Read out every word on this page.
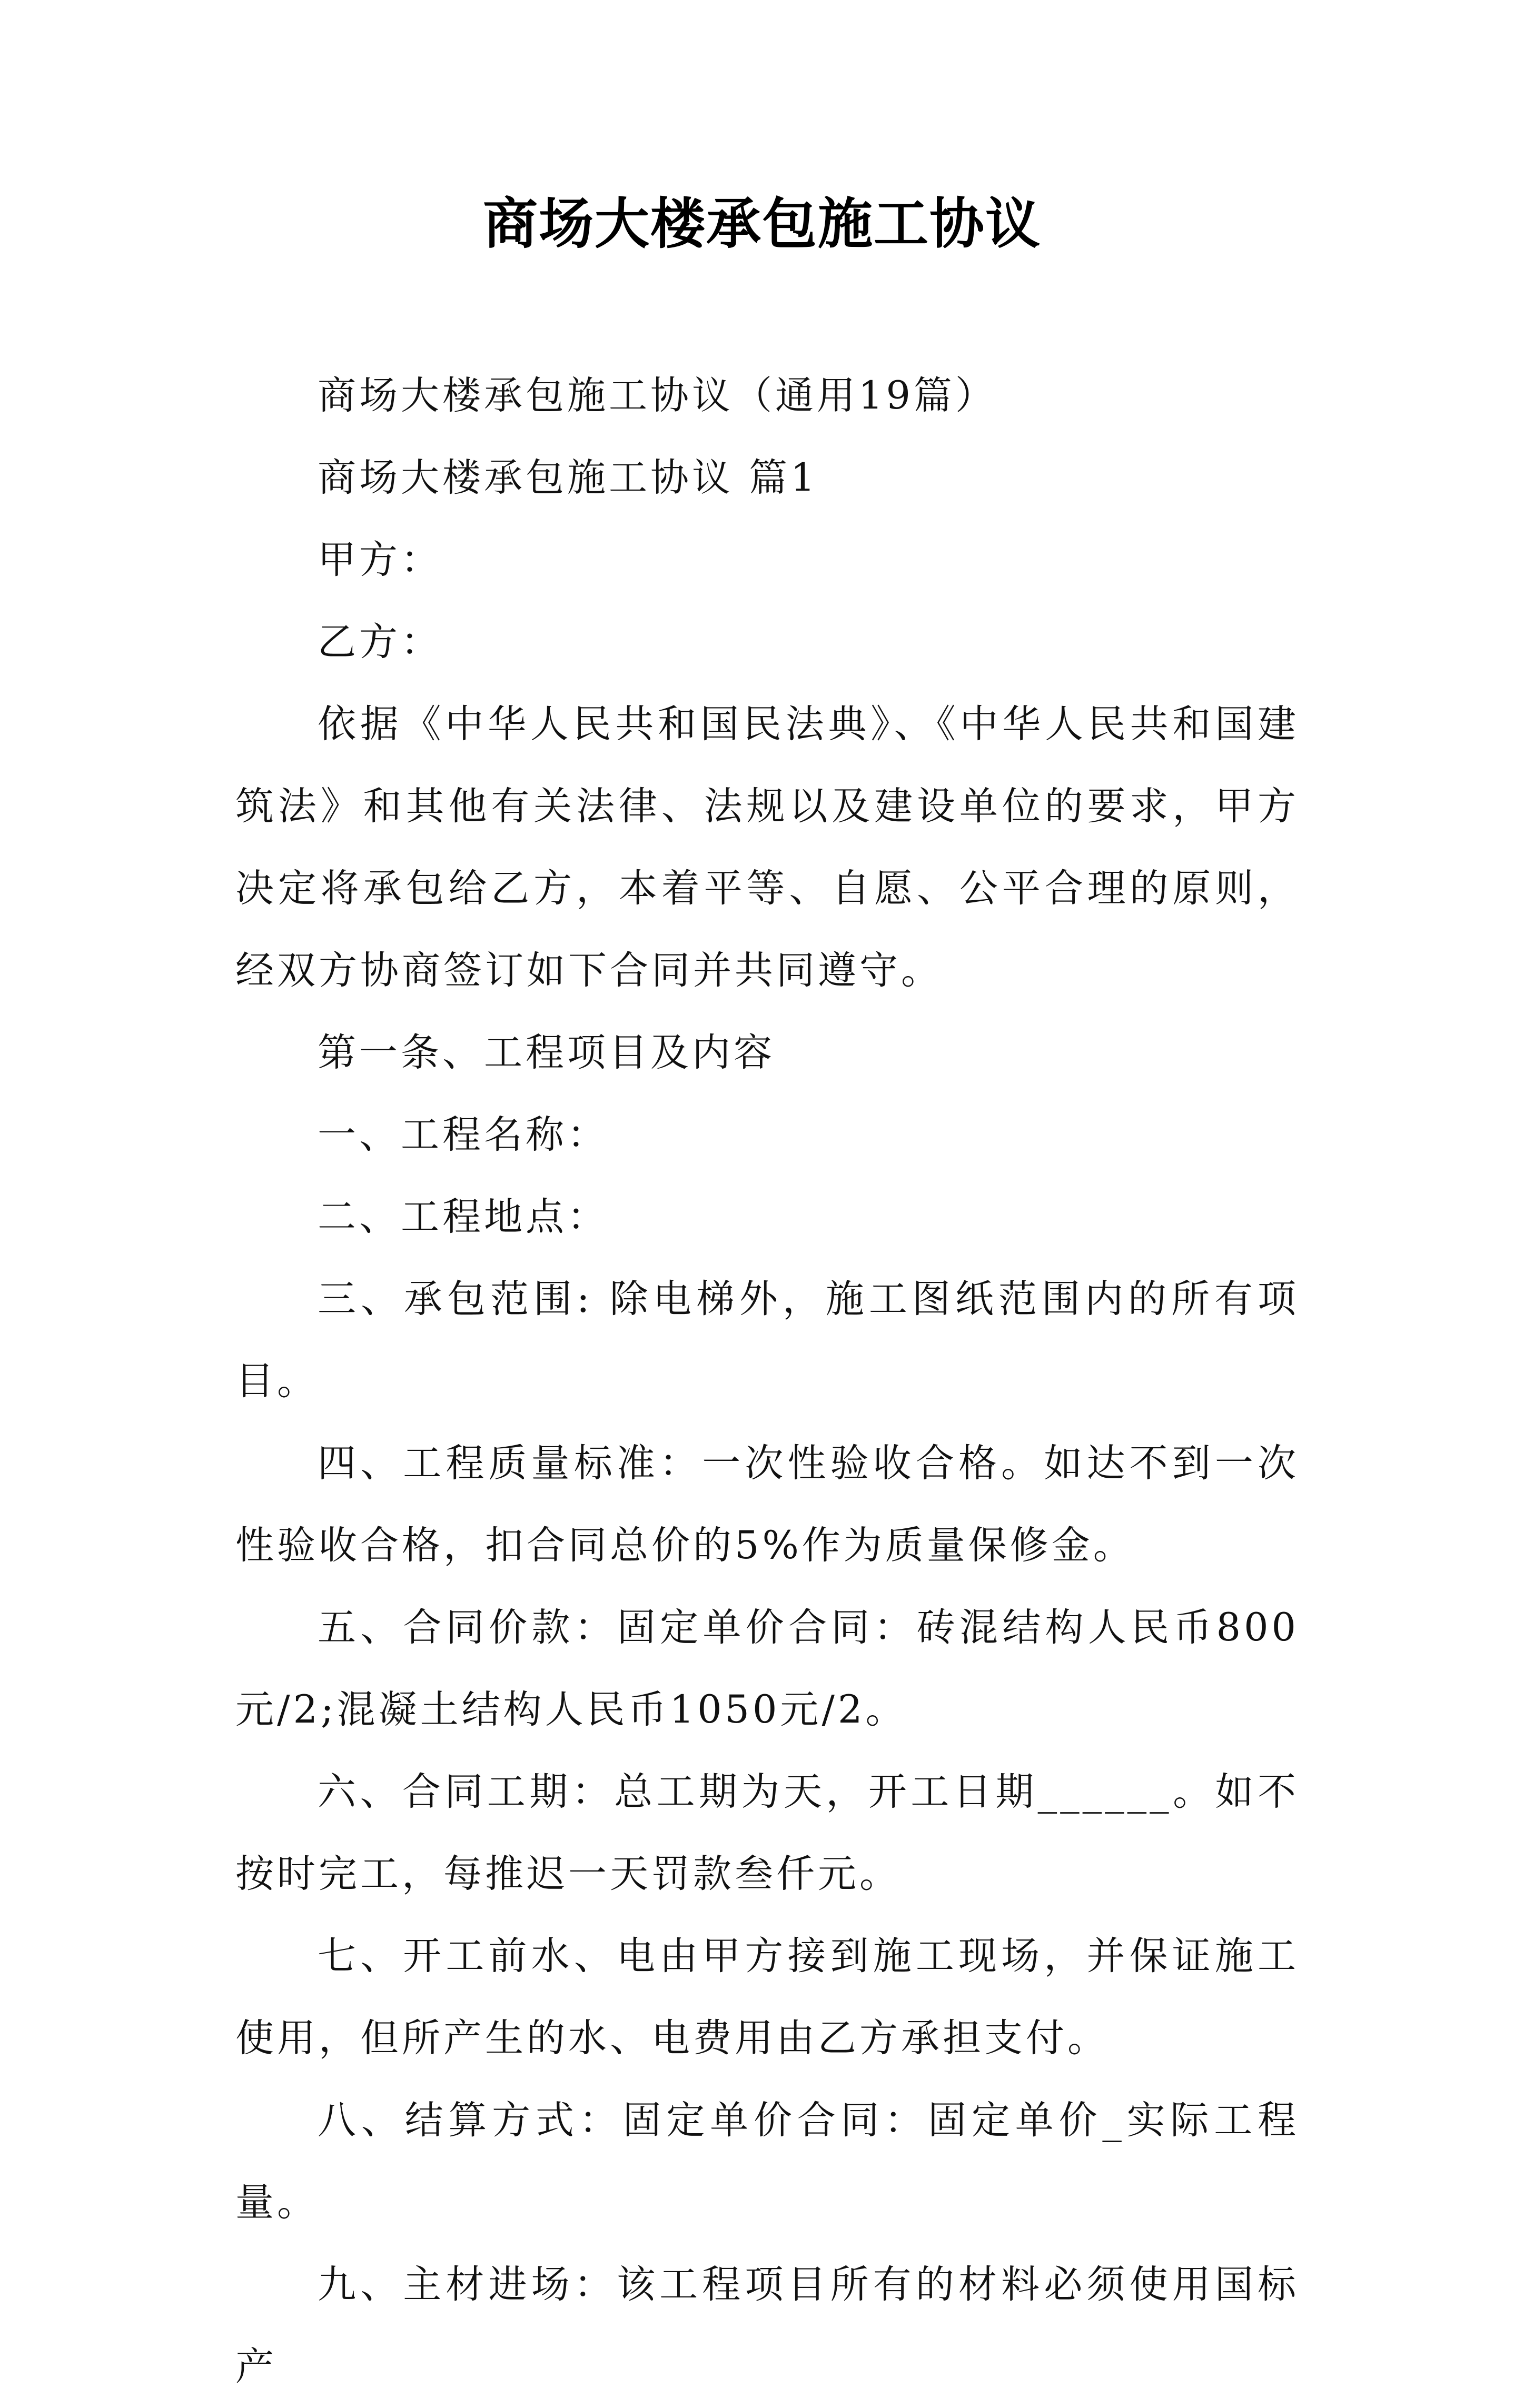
商场大楼承包施工协议

商场大楼承包施工协议（通用19篇）

商场大楼承包施工协议 篇1

甲方：

乙方：

依据《中华人民共和国民法典》、《中华人民共和国建筑法》和其他有关法律、法规以及建设单位的要求，甲方决定将承包给乙方，本着平等、自愿、公平合理的原则，经双方协商签订如下合同并共同遵守。

第一条、工程项目及内容

一、工程名称：

二、工程地点：

三、承包范围: 除电梯外，施工图纸范围内的所有项目。

四、工程质量标准：一次性验收合格。如达不到一次性验收合格，扣合同总价的5%作为质量保修金。

五、合同价款：固定单价合同：砖混结构人民币800元/2;混凝土结构人民币1050元/2。

六、合同工期：总工期为天，开工日期______。如不按时完工，每推迟一天罚款叁仟元。

七、开工前水、电由甲方接到施工现场，并保证施工使用，但所产生的水、电费用由乙方承担支付。

八、结算方式：固定单价合同：固定单价_实际工程量。

九、主材进场：该工程项目所有的材料必须使用国标产
